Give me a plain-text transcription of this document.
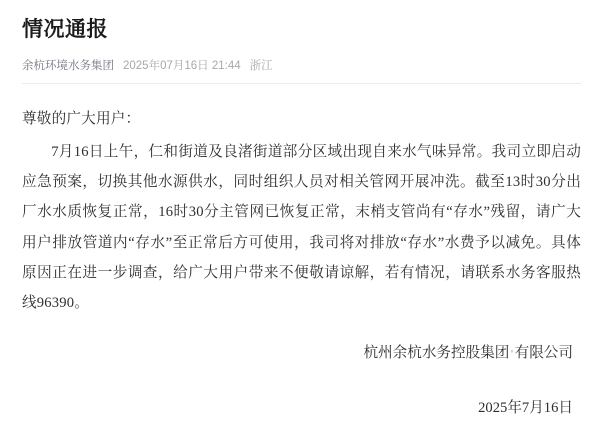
情况通报
余杭环境水务集团 2025年07月16日 21:44 浙江

尊敬的广大用户：

7月16日上午，仁和街道及良渚街道部分区域出现自来水气味异常。我司立即启动应急预案，切换其他水源供水，同时组织人员对相关管网开展冲洗。截至13时30分出厂水水质恢复正常，16时30分主管网已恢复正常，末梢支管尚有“存水”残留，请广大用户排放管道内“存水”至正常后方可使用，我司将对排放“存水”水费予以减免。具体原因正在进一步调查，给广大用户带来不便敬请谅解，若有情况，请联系水务客服热线96390。

杭州余杭水务控股集团◦有限公司
2025年7月16日
